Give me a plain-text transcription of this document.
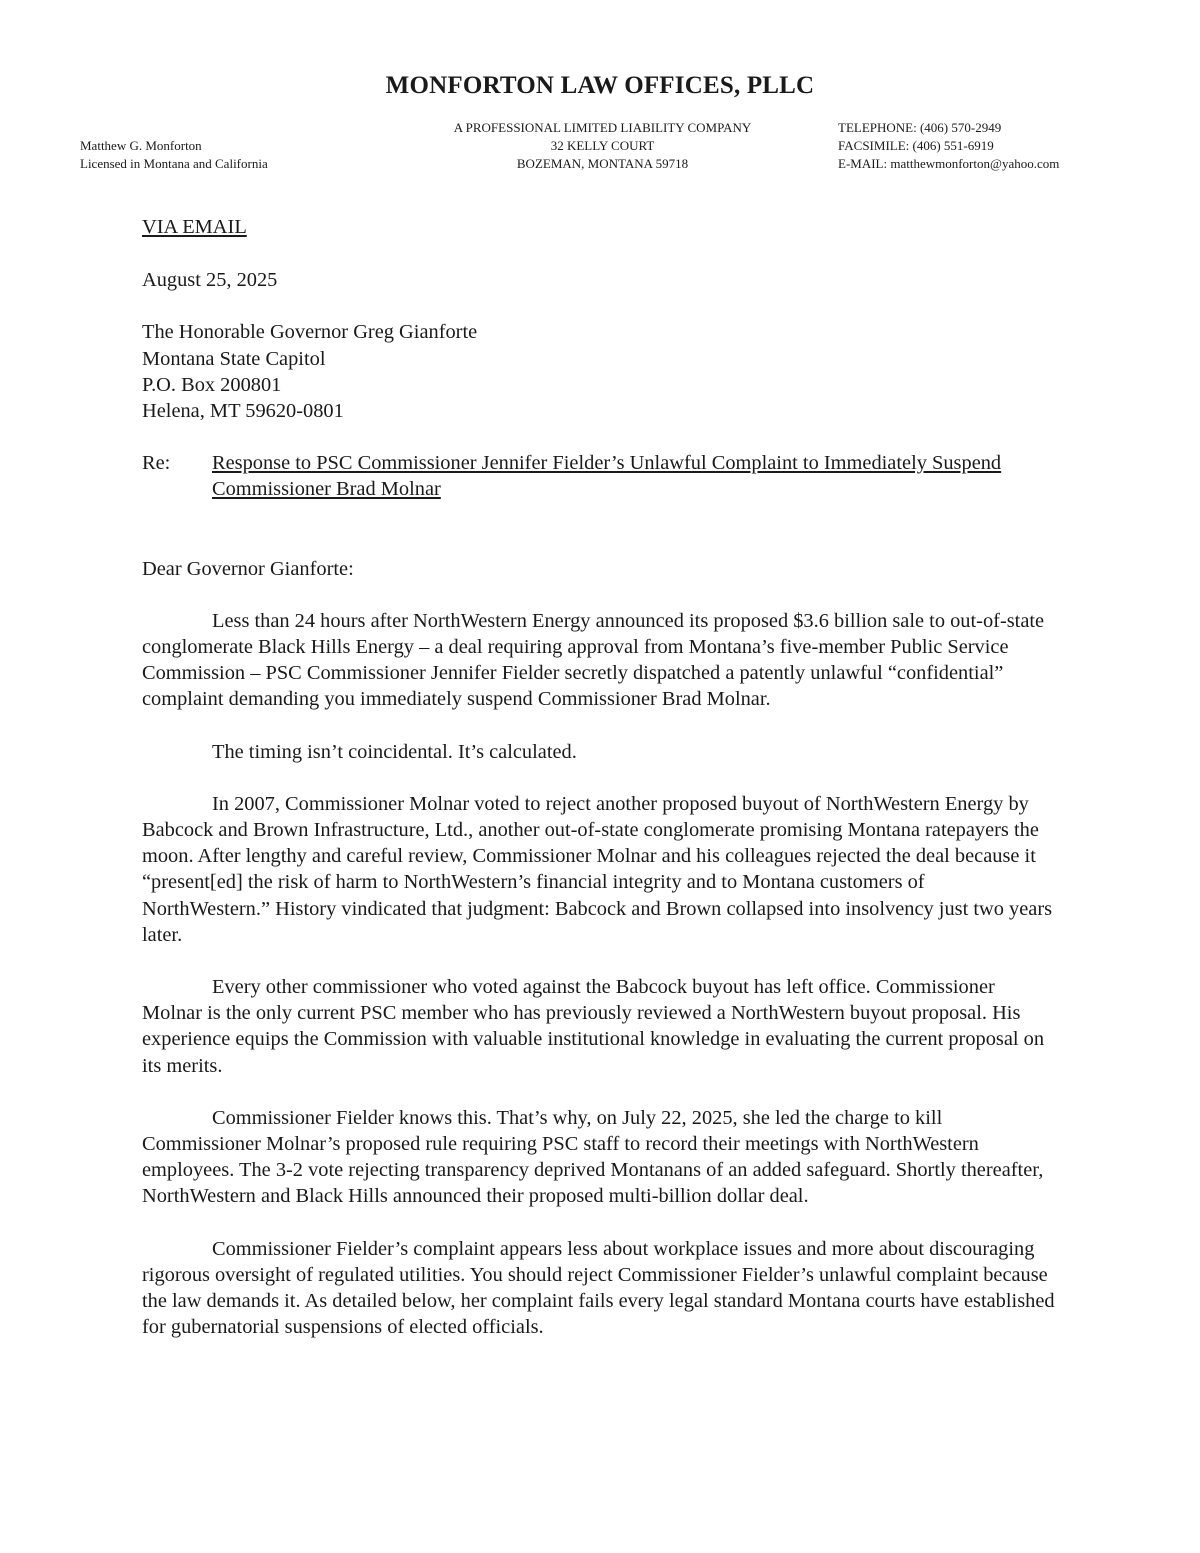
MONFORTON LAW OFFICES, PLLC
Matthew G. Monforton
Licensed in Montana and California
A PROFESSIONAL LIMITED LIABILITY COMPANY
32 KELLY COURT
BOZEMAN, MONTANA 59718
TELEPHONE: (406) 570-2949
FACSIMILE: (406) 551-6919
E-MAIL: matthewmonforton@yahoo.com
VIA EMAIL
August 25, 2025
The Honorable Governor Greg Gianforte
Montana State Capitol
P.O. Box 200801
Helena, MT 59620-0801
Re:	Response to PSC Commissioner Jennifer Fielder’s Unlawful Complaint to Immediately Suspend Commissioner Brad Molnar
Dear Governor Gianforte:

Less than 24 hours after NorthWestern Energy announced its proposed $3.6 billion sale to out-of-state conglomerate Black Hills Energy – a deal requiring approval from Montana’s five-member Public Service Commission – PSC Commissioner Jennifer Fielder secretly dispatched a patently unlawful “confidential” complaint demanding you immediately suspend Commissioner Brad Molnar.

The timing isn’t coincidental. It’s calculated.

In 2007, Commissioner Molnar voted to reject another proposed buyout of NorthWestern Energy by Babcock and Brown Infrastructure, Ltd., another out-of-state conglomerate promising Montana ratepayers the moon. After lengthy and careful review, Commissioner Molnar and his colleagues rejected the deal because it “present[ed] the risk of harm to NorthWestern’s financial integrity and to Montana customers of NorthWestern.” History vindicated that judgment: Babcock and Brown collapsed into insolvency just two years later.

Every other commissioner who voted against the Babcock buyout has left office. Commissioner Molnar is the only current PSC member who has previously reviewed a NorthWestern buyout proposal. His experience equips the Commission with valuable institutional knowledge in evaluating the current proposal on its merits.

Commissioner Fielder knows this. That’s why, on July 22, 2025, she led the charge to kill Commissioner Molnar’s proposed rule requiring PSC staff to record their meetings with NorthWestern employees. The 3-2 vote rejecting transparency deprived Montanans of an added safeguard. Shortly thereafter, NorthWestern and Black Hills announced their proposed multi-billion dollar deal.

Commissioner Fielder’s complaint appears less about workplace issues and more about discouraging rigorous oversight of regulated utilities. You should reject Commissioner Fielder’s unlawful complaint because the law demands it. As detailed below, her complaint fails every legal standard Montana courts have established for gubernatorial suspensions of elected officials.
